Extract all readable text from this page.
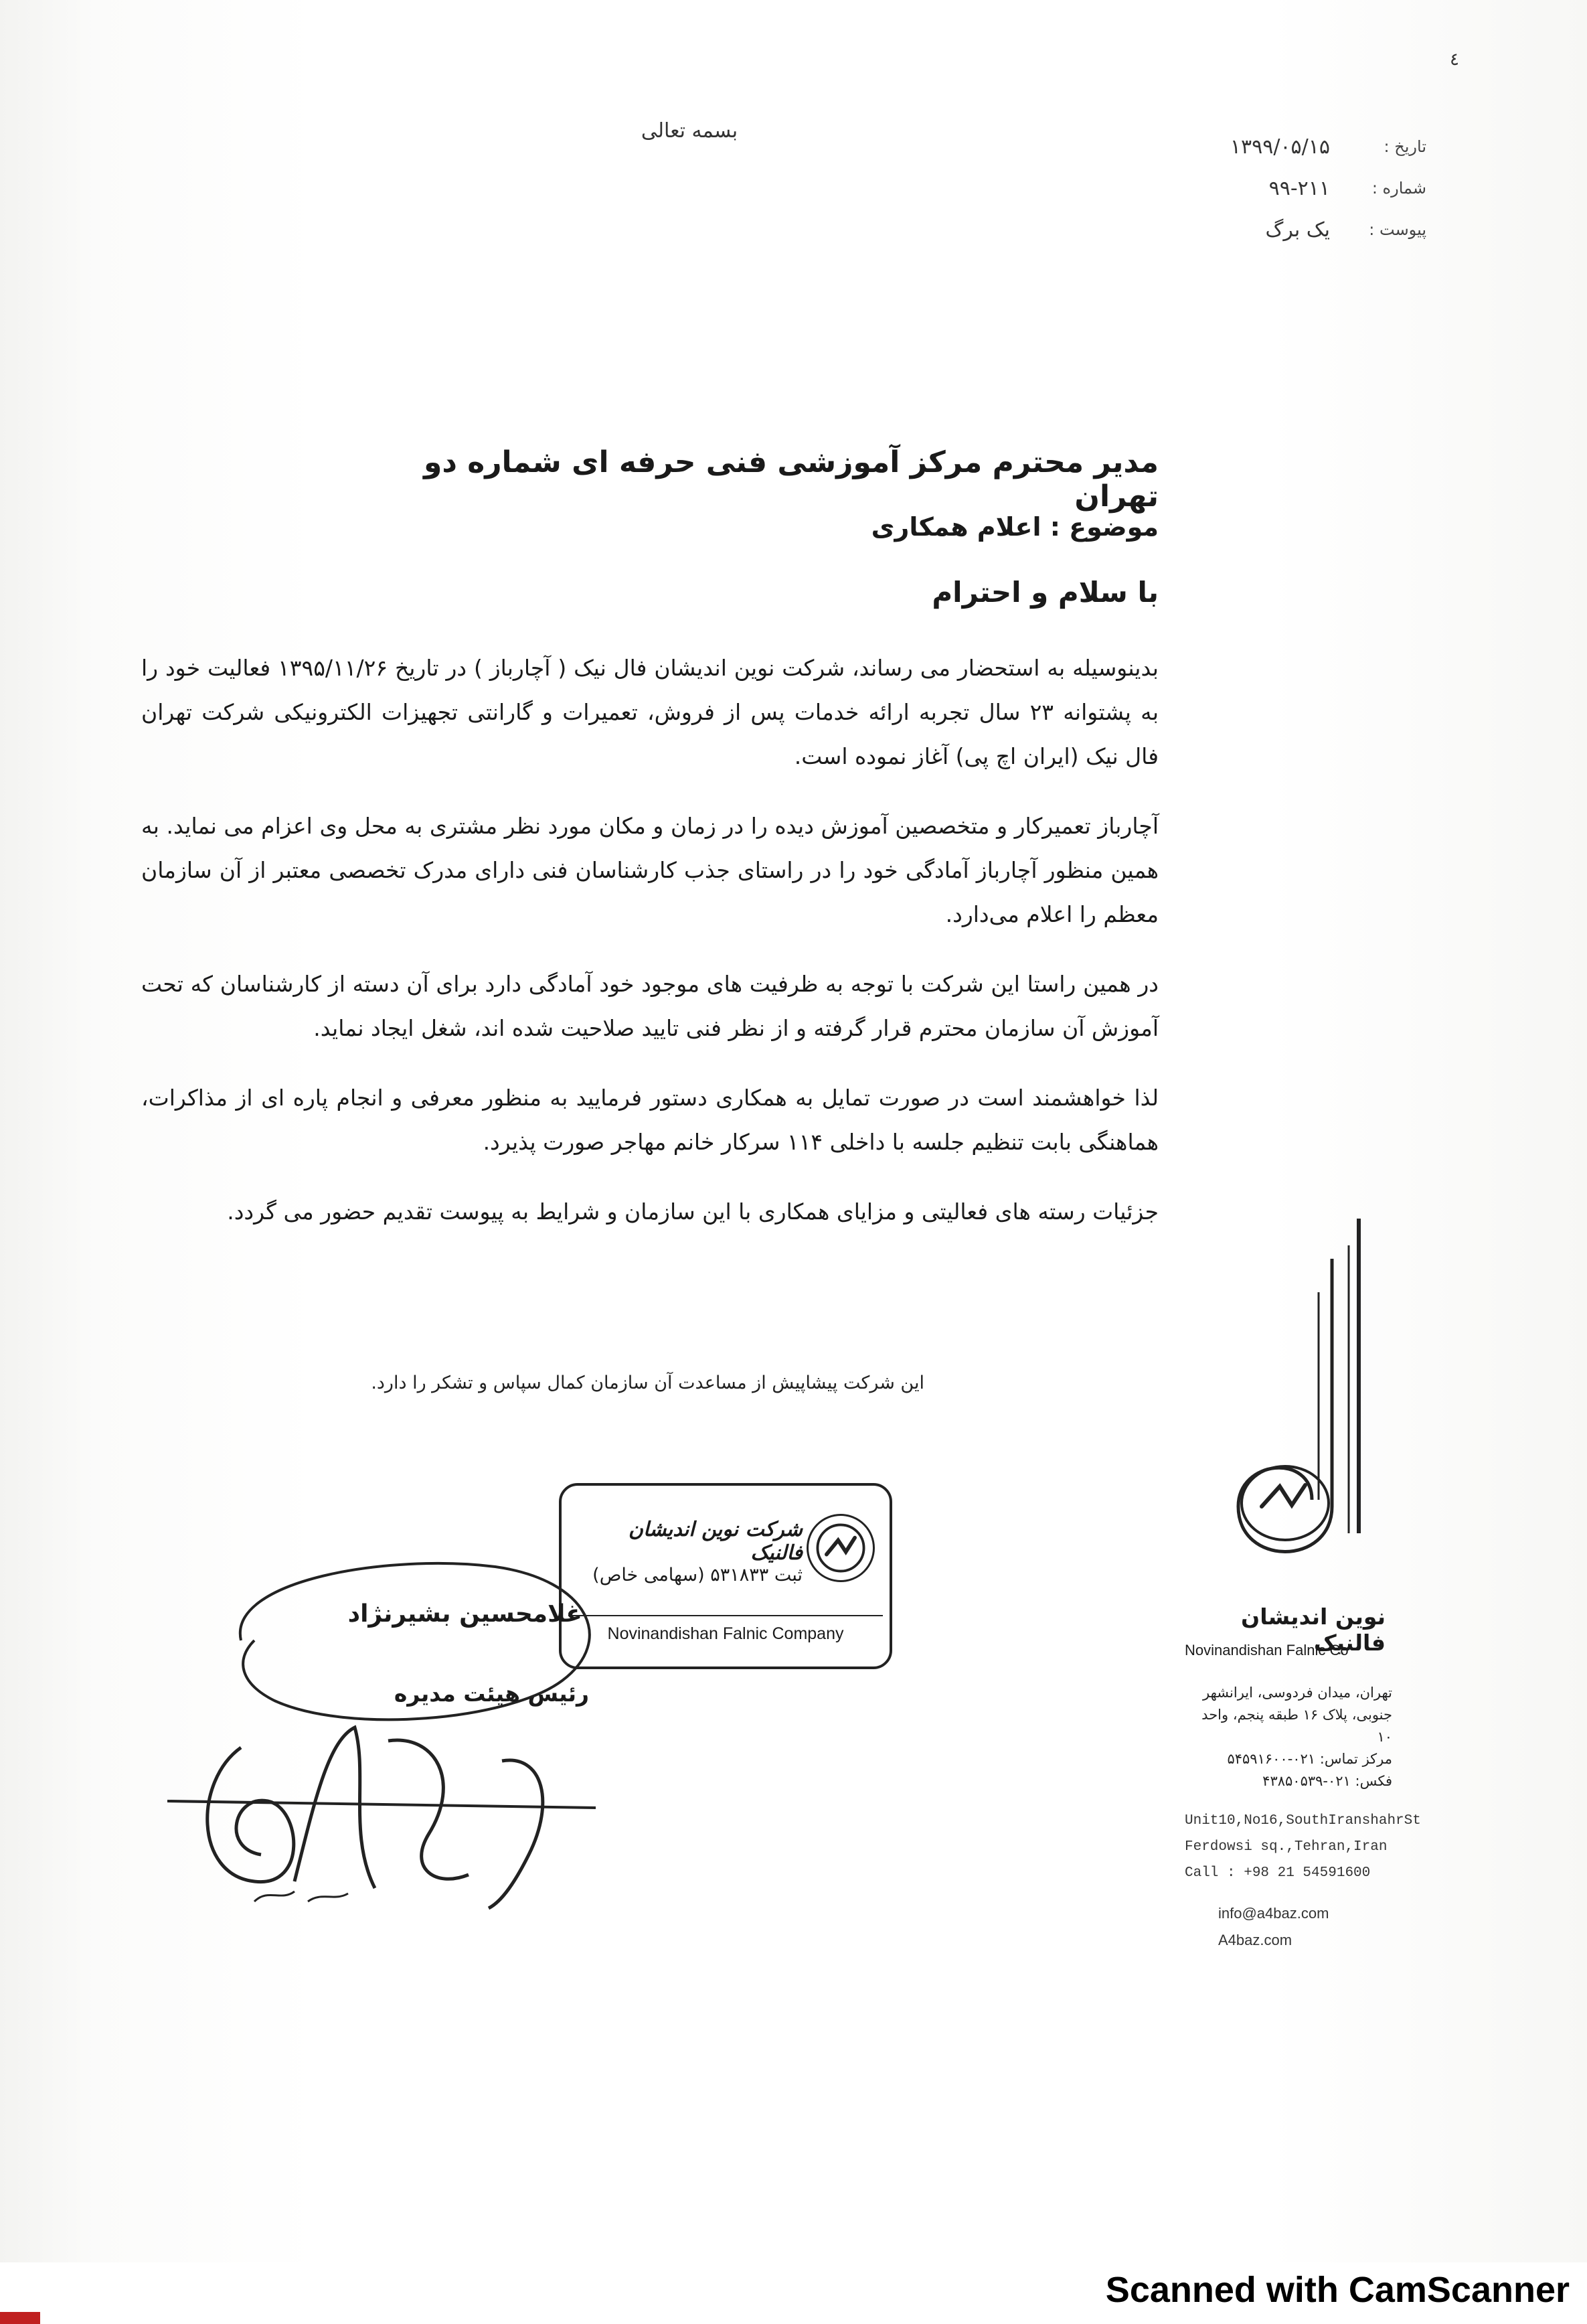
٤
بسمه تعالی
تاریخ :
۱۳۹۹/۰۵/۱۵
شماره :
۹۹-۲۱۱
پیوست :
یک برگ
مدیر محترم مرکز آموزشی فنی حرفه ای شماره دو تهران
موضوع : اعلام همکاری
با سلام و احترام

بدینوسیله به استحضار می رساند، شرکت نوین اندیشان فال نیک ( آچارباز ) در تاریخ ۱۳۹۵/۱۱/۲۶ فعالیت خود را به پشتوانه ۲۳ سال تجربه ارائه خدمات پس از فروش، تعمیرات و گارانتی تجهیزات الکترونیکی شرکت تهران فال نیک (ایران اچ پی) آغاز نموده است.

آچارباز تعمیرکار و متخصصین آموزش دیده را در زمان و مکان مورد نظر مشتری به محل وی اعزام می نماید. به همین منظور آچارباز آمادگی خود را در راستای جذب کارشناسان فنی دارای مدرک تخصصی معتبر از آن سازمان معظم را اعلام می‌دارد.

در همین راستا این شرکت با توجه به ظرفیت های موجود خود آمادگی دارد برای آن دسته از کارشناسان که تحت آموزش آن سازمان محترم قرار گرفته و از نظر فنی تایید صلاحیت شده اند، شغل ایجاد نماید.

لذا خواهشمند است در صورت تمایل به همکاری دستور فرمایید به منظور معرفی و انجام پاره ای از مذاکرات، هماهنگی بابت تنظیم جلسه با داخلی ۱۱۴ سرکار خانم مهاجر صورت پذیرد.

جزئیات رسته های فعالیتی و مزایای همکاری با این سازمان و شرایط به پیوست تقدیم حضور می گردد.

این شرکت پیشاپیش از مساعدت آن سازمان کمال سپاس و تشکر را دارد.
شرکت نوین اندیشان فالنیک
ثبت ۵۳۱۸۳۳ (سهامی خاص)
Novinandishan Falnic Company
غلامحسین بشیرنژاد
رئیس هیئت مدیره
نوین اندیشان فالنیک
Novinandishan Falnic Co
تهران، میدان فردوسی، ایرانشهر
جنوبی، پلاک ۱۶ طبقه پنجم، واحد ۱۰
مرکز تماس: ۰۲۱-۵۴۵۹۱۶۰۰
فکس: ۰۲۱-۴۳۸۵۰۵۳۹
Unit10,No16,SouthIranshahrSt
Ferdowsi sq.,Tehran,Iran
Call : +98 21 54591600
info@a4baz.com
A4baz.com
Scanned with CamScanner
